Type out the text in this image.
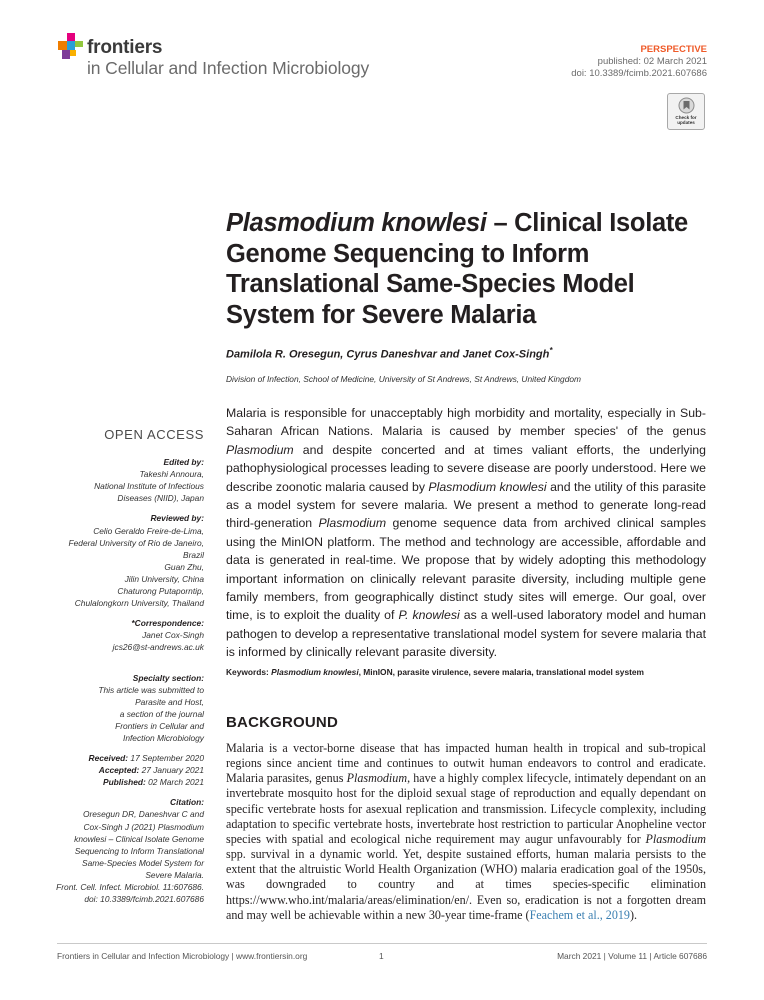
frontiers
in Cellular and Infection Microbiology
PERSPECTIVE
published: 02 March 2021
doi: 10.3389/fcimb.2021.607686
Check for
updates
Plasmodium knowlesi – Clinical Isolate Genome Sequencing to Inform Translational Same-Species Model System for Severe Malaria
Damilola R. Oresegun, Cyrus Daneshvar and Janet Cox-Singh*
Division of Infection, School of Medicine, University of St Andrews, St Andrews, United Kingdom

Malaria is responsible for unacceptably high morbidity and mortality, especially in Sub-Saharan African Nations. Malaria is caused by member species' of the genus Plasmodium and despite concerted and at times valiant efforts, the underlying pathophysiological processes leading to severe disease are poorly understood. Here we describe zoonotic malaria caused by Plasmodium knowlesi and the utility of this parasite as a model system for severe malaria. We present a method to generate long-read third-generation Plasmodium genome sequence data from archived clinical samples using the MinION platform. The method and technology are accessible, affordable and data is generated in real-time. We propose that by widely adopting this methodology important information on clinically relevant parasite diversity, including multiple gene family members, from geographically distinct study sites will emerge. Our goal, over time, is to exploit the duality of P. knowlesi as a well-used laboratory model and human pathogen to develop a representative translational model system for severe malaria that is informed by clinically relevant parasite diversity.

Keywords: Plasmodium knowlesi, MinION, parasite virulence, severe malaria, translational model system
OPEN ACCESS
Edited by:
Takeshi Annoura,
National Institute of Infectious
Diseases (NIID), Japan
Reviewed by:
Celio Geraldo Freire-de-Lima,
Federal University of Rio de Janeiro,
Brazil
Guan Zhu,
Jilin University, China
Chaturong Putaporntip,
Chulalongkorn University, Thailand
*Correspondence:
Janet Cox-Singh
jcs26@st-andrews.ac.uk
Specialty section:
This article was submitted to
Parasite and Host,
a section of the journal
Frontiers in Cellular and
Infection Microbiology
Received: 17 September 2020
Accepted: 27 January 2021
Published: 02 March 2021
Citation:
Oresegun DR, Daneshvar C and
Cox-Singh J (2021) Plasmodium
knowlesi – Clinical Isolate Genome
Sequencing to Inform Translational
Same-Species Model System for
Severe Malaria.
Front. Cell. Infect. Microbiol. 11:607686.
doi: 10.3389/fcimb.2021.607686
BACKGROUND

Malaria is a vector-borne disease that has impacted human health in tropical and sub-tropical regions since ancient time and continues to outwit human endeavors to control and eradicate. Malaria parasites, genus Plasmodium, have a highly complex lifecycle, intimately dependant on an invertebrate mosquito host for the diploid sexual stage of reproduction and equally dependant on specific vertebrate hosts for asexual replication and transmission. Lifecycle complexity, including adaptation to specific vertebrate hosts, invertebrate host restriction to particular Anopheline vector species with spatial and ecological niche requirement may augur unfavourably for Plasmodium spp. survival in a dynamic world. Yet, despite sustained efforts, human malaria persists to the extent that the altruistic World Health Organization (WHO) malaria eradication goal of the 1950s, was downgraded to country and at times species-specific elimination https://www.who.int/malaria/areas/elimination/en/. Even so, eradication is not a forgotten dream and may well be achievable within a new 30-year time-frame (Feachem et al., 2019).

Frontiers in Cellular and Infection Microbiology | www.frontiersin.org	1	March 2021 | Volume 11 | Article 607686
